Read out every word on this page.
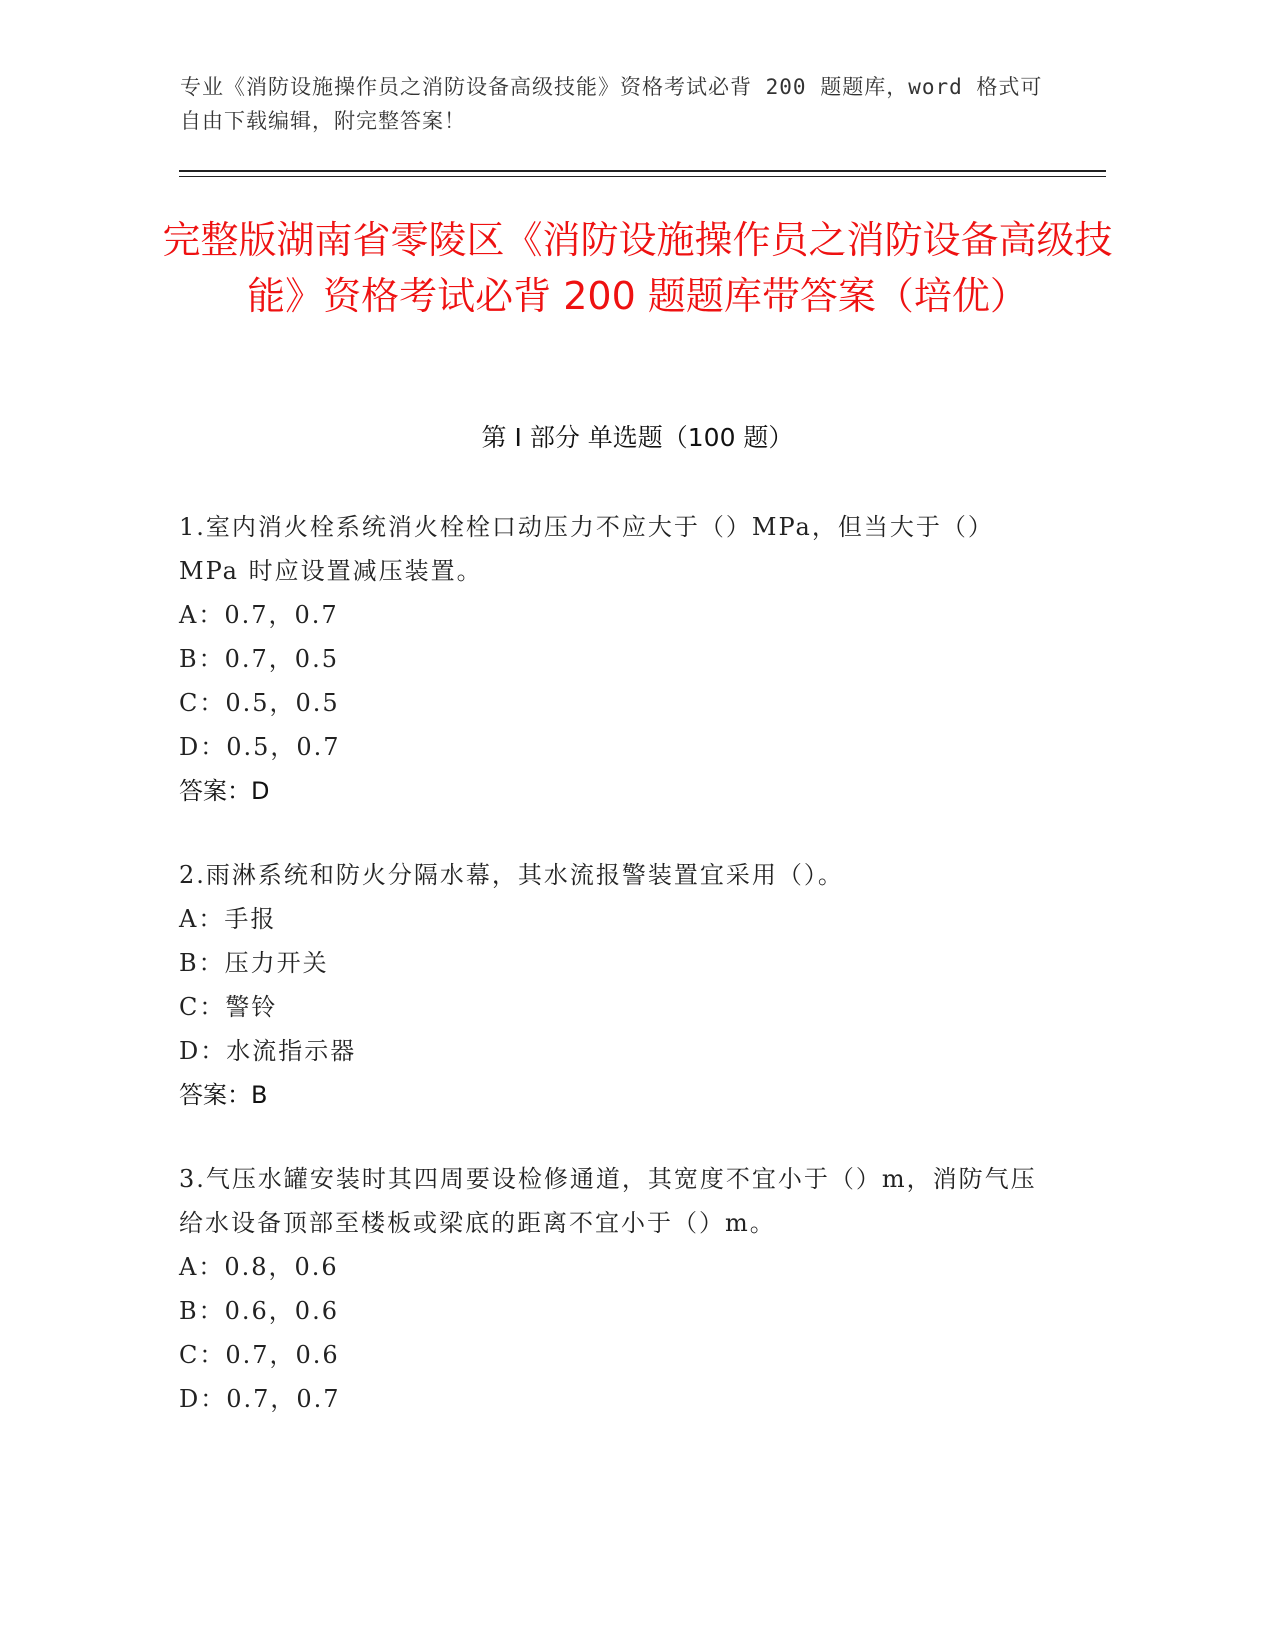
专业《消防设施操作员之消防设备高级技能》资格考试必背 200 题题库，word 格式可自由下载编辑，附完整答案！
完整版湖南省零陵区《消防设施操作员之消防设备高级技能》资格考试必背 200 题题库带答案（培优）
第 I 部分 单选题（100 题）
1.室内消火栓系统消火栓栓口动压力不应大于（）MPa，但当大于（）MPa 时应设置减压装置。
A：0.7，0.7
B：0.7，0.5
C：0.5，0.5
D：0.5，0.7
答案：D
2.雨淋系统和防火分隔水幕，其水流报警装置宜采用（）。
A：手报
B：压力开关
C：警铃
D：水流指示器
答案：B
3.气压水罐安装时其四周要设检修通道，其宽度不宜小于（）m，消防气压给水设备顶部至楼板或梁底的距离不宜小于（）m。
A：0.8，0.6
B：0.6，0.6
C：0.7，0.6
D：0.7，0.7
